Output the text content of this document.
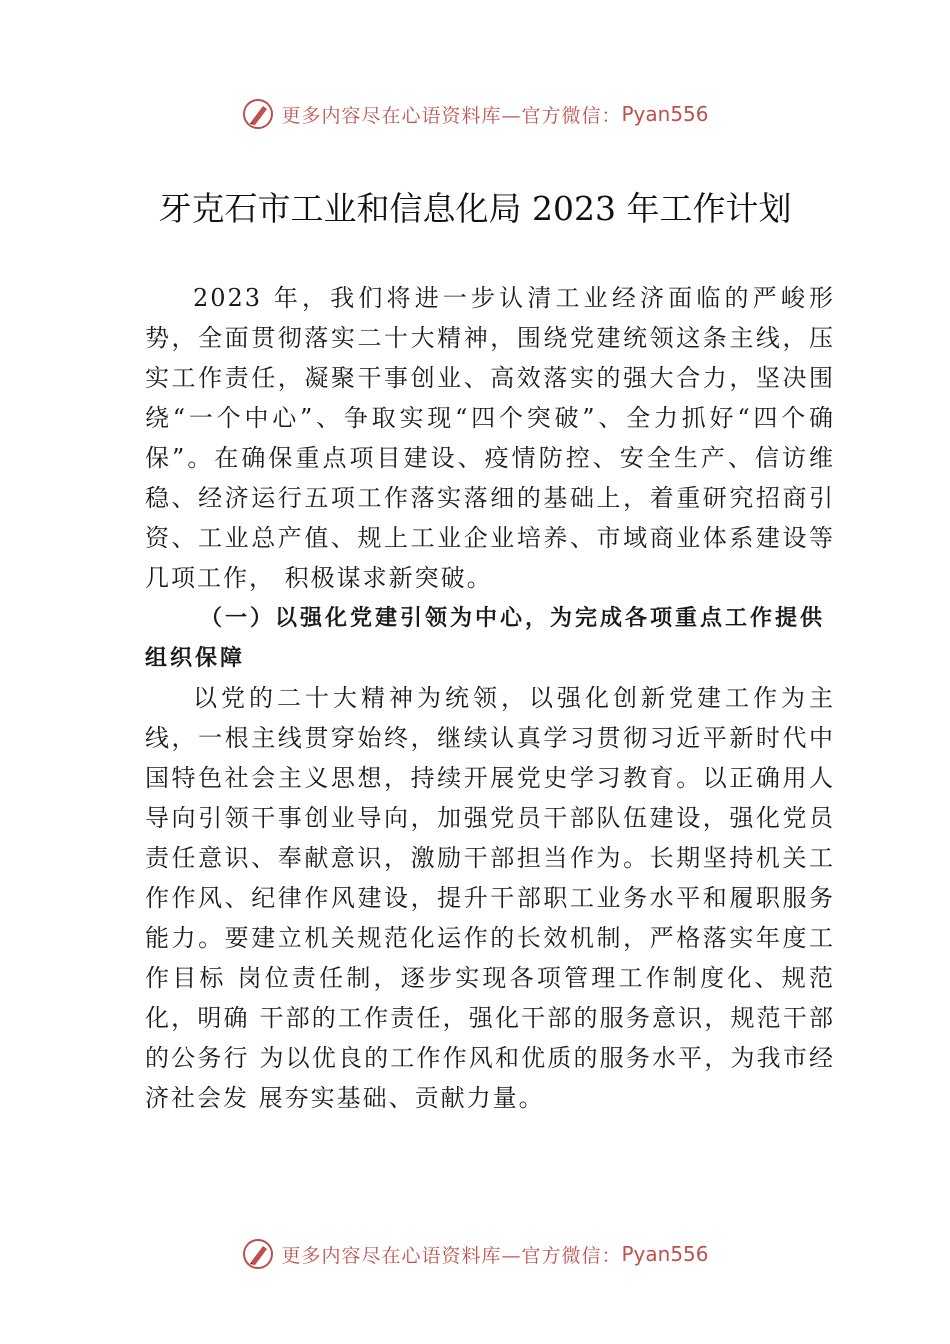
更多内容尽在心语资料库—官方微信： Pyan556
牙克石市工业和信息化局 2023 年工作计划

2023 年，我们将进一步认清工业经济面临的严峻形势，全面贯彻落实二十大精神，围绕党建统领这条主线，压实工作责任，凝聚干事创业、高效落实的强大合力，坚决围绕“一个中心”、争取实现“四个突破”、全力抓好“四个确保”。在确保重点项目建设、疫情防控、安全生产、信访维稳、经济运行五项工作落实落细的基础上，着重研究招商引资、工业总产值、规上工业企业培养、市域商业体系建设等几项工作， 积极谋求新突破。

（一）以强化党建引领为中心，为完成各项重点工作提供组织保障

以党的二十大精神为统领，以强化创新党建工作为主线，一根主线贯穿始终，继续认真学习贯彻习近平新时代中国特色社会主义思想，持续开展党史学习教育。以正确用人导向引领干事创业导向，加强党员干部队伍建设，强化党员责任意识、奉献意识，激励干部担当作为。长期坚持机关工作作风、纪律作风建设，提升干部职工业务水平和履职服务能力。要建立机关规范化运作的长效机制，严格落实年度工作目标 岗位责任制，逐步实现各项管理工作制度化、规范化，明确 干部的工作责任，强化干部的服务意识，规范干部的公务行 为以优良的工作作风和优质的服务水平，为我市经济社会发 展夯实基础、贡献力量。

更多内容尽在心语资料库—官方微信： Pyan556
